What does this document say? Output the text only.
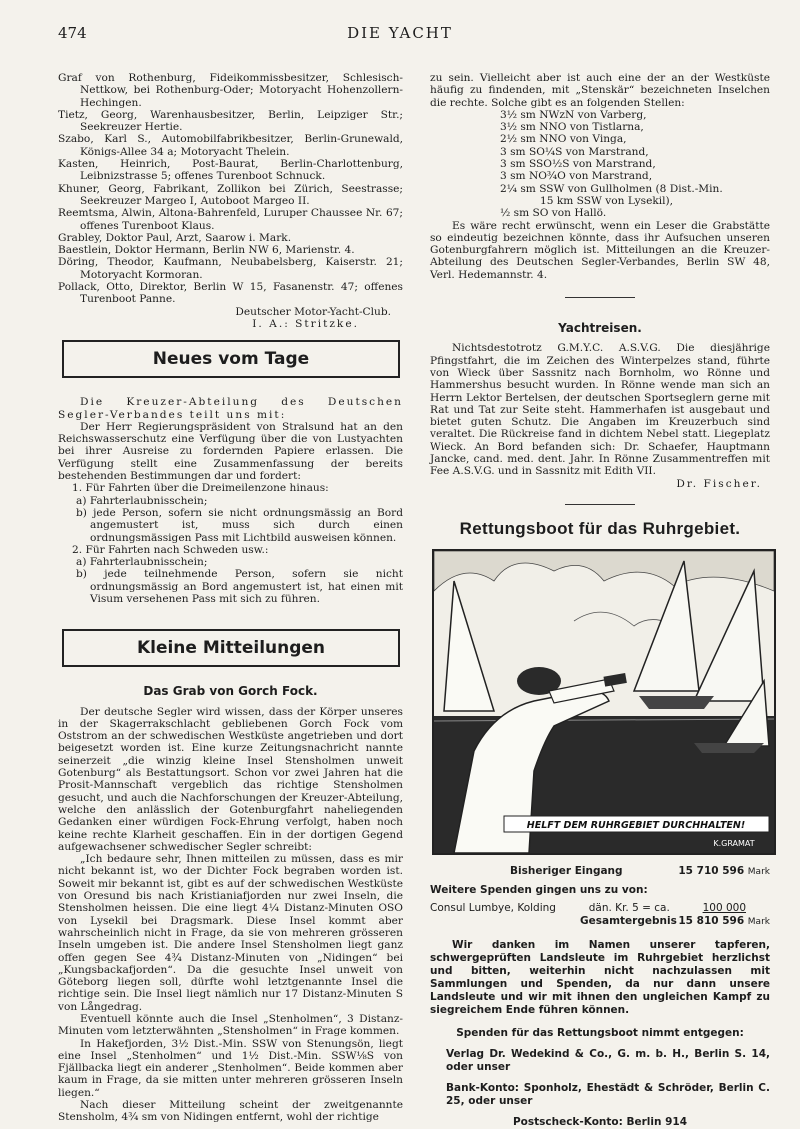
474	DIE YACHT

Graf von Rothenburg, Fideikommissbesitzer, Schlesisch-Nettkow, bei Rothenburg-Oder; Motoryacht Hohenzollern-Hechingen.

Tietz, Georg, Warenhausbesitzer, Berlin, Leipziger Str.; Seekreuzer Hertie.

Szabo, Karl S., Automobilfabrikbesitzer, Berlin-Grunewald, Königs-Allee 34 a; Motoryacht Thelein.

Kasten, Heinrich, Post-Baurat, Berlin-Charlottenburg, Leibnizstrasse 5; offenes Turenboot Schnuck.

Khuner, Georg, Fabrikant, Zollikon bei Zürich, Seestrasse; Seekreuzer Margeo I, Autoboot Margeo II.

Reemtsma, Alwin, Altona-Bahrenfeld, Luruper Chaussee Nr. 67; offenes Turenboot Klaus.

Grabley, Doktor Paul, Arzt, Saarow i. Mark.

Baestlein, Doktor Hermann, Berlin NW 6, Marienstr. 4.

Döring, Theodor, Kaufmann, Neubabelsberg, Kaiserstr. 21; Motoryacht Kormoran.

Pollack, Otto, Direktor, Berlin W 15, Fasanenstr. 47; offenes Turenboot Panne.

Deutscher Motor-Yacht-Club.

I. A.: Stritzke.

Neues vom Tage

Die Kreuzer-Abteilung des Deutschen Segler-Verbandes teilt uns mit:

Der Herr Regierungspräsident von Stralsund hat an den Reichswasserschutz eine Verfügung über die von Lustyachten bei ihrer Ausreise zu fordernden Papiere erlassen. Die Verfügung stellt eine Zusammenfassung der bereits bestehenden Bestimmungen dar und fordert:

1. Für Fahrten über die Dreimeilenzone hinaus:

a) Fahrterlaubnisschein;

b) jede Person, sofern sie nicht ordnungsmässig an Bord angemustert ist, muss sich durch einen ordnungsmässigen Pass mit Lichtbild ausweisen können.

2. Für Fahrten nach Schweden usw.:

a) Fahrterlaubnisschein;

b) jede teilnehmende Person, sofern sie nicht ordnungsmässig an Bord angemustert ist, hat einen mit Visum versehenen Pass mit sich zu führen.

Kleine Mitteilungen
Das Grab von Gorch Fock.

Der deutsche Segler wird wissen, dass der Körper unseres in der Skagerrakschlacht gebliebenen Gorch Fock vom Oststrom an der schwedischen Westküste angetrieben und dort beigesetzt worden ist. Eine kurze Zeitungsnachricht nannte seinerzeit „die winzig kleine Insel Stensholmen unweit Gotenburg“ als Bestattungsort. Schon vor zwei Jahren hat die Prosit-Mannschaft vergeblich das richtige Stensholmen gesucht, und auch die Nachforschungen der Kreuzer-Abteilung, welche den anlässlich der Gotenburgfahrt naheliegenden Gedanken einer würdigen Fock-Ehrung verfolgt, haben noch keine rechte Klarheit geschaffen. Ein in der dortigen Gegend aufgewachsener schwedischer Segler schreibt:

„Ich bedaure sehr, Ihnen mitteilen zu müssen, dass es mir nicht bekannt ist, wo der Dichter Fock begraben worden ist. Soweit mir bekannt ist, gibt es auf der schwedischen Westküste von Oresund bis nach Kristianiafjorden nur zwei Inseln, die Stensholmen heissen. Die eine liegt 4¼ Distanz-Minuten OSO von Lysekil bei Dragsmark. Diese Insel kommt aber wahrscheinlich nicht in Frage, da sie von mehreren grösseren Inseln umgeben ist. Die andere Insel Stensholmen liegt ganz offen gegen See 4¾ Distanz-Minuten von „Nidingen“ bei „Kungsbackafjorden“. Da die gesuchte Insel unweit von Göteborg liegen soll, dürfte wohl letztgenannte Insel die richtige sein. Die Insel liegt nämlich nur 17 Distanz-Minuten S von Långedrag.

Eventuell könnte auch die Insel „Stenholmen“, 3 Distanz-Minuten vom letzterwähnten „Stensholmen“ in Frage kommen.

In Hakefjorden, 3½ Dist.-Min. SSW von Stenungsön, liegt eine Insel „Stenholmen“ und 1½ Dist.-Min. SSW⅛S von Fjällbacka liegt ein anderer „Stenholmen“. Beide kommen aber kaum in Frage, da sie mitten unter mehreren grösseren Inseln liegen.“

Nach dieser Mitteilung scheint der zweitgenannte Stensholm, 4¾ sm von Nidingen entfernt, wohl der richtige

zu sein. Vielleicht aber ist auch eine der an der Westküste häufig zu findenden, mit „Stenskär“ bezeichneten Inselchen die rechte. Solche gibt es an folgenden Stellen:

3½ sm NWzN von Varberg,
3½ sm NNO von Tistlarna,
2½ sm NNO von Vinga,
3 sm SO¼S von Marstrand,
3 sm SSO½S von Marstrand,
3 sm NO¾O von Marstrand,
2¼ sm SSW von Gullholmen (8 Dist.-Min.
15 km SSW von Lysekil),
½ sm SO von Hallö.

Es wäre recht erwünscht, wenn ein Leser die Grabstätte so eindeutig bezeichnen könnte, dass ihr Aufsuchen unseren Gotenburgfahrern möglich ist. Mitteilungen an die Kreuzer-Abteilung des Deutschen Segler-Verbandes, Berlin SW 48, Verl. Hedemannstr. 4.

Yachtreisen.

Nichtsdestotrotz G.M.Y.C. A.S.V.G. Die diesjährige Pfingstfahrt, die im Zeichen des Winterpelzes stand, führte von Wieck über Sassnitz nach Bornholm, wo Rönne und Hammershus besucht wurden. In Rönne wende man sich an Herrn Lektor Bertelsen, der deutschen Sportseglern gerne mit Rat und Tat zur Seite steht. Hammerhafen ist ausgebaut und bietet guten Schutz. Die Angaben im Kreuzerbuch sind veraltet. Die Rückreise fand in dichtem Nebel statt. Liegeplatz Wieck. An Bord befanden sich: Dr. Schaefer, Hauptmann Jancke, cand. med. dent. Jahr. In Rönne Zusammentreffen mit Fee A.S.V.G. und in Sassnitz mit Edith VII.

Dr. Fischer.

Rettungsboot für das Ruhrgebiet.
HELFT DEM RUHRGEBIET DURCHHALTEN!
K.GRAMAT
Bisheriger Eingang	15 710 596 Mark
Weitere Spenden gingen uns zu von:
Consul Lumbye, Kolding	dän. Kr. 5 = ca.	100 000
Gesamtergebnis 15 810 596 Mark

Wir danken im Namen unserer tapferen, schwergeprüften Landsleute im Ruhrgebiet herzlichst und bitten, weiterhin nicht nachzulassen mit Sammlungen und Spenden, da nur dann unsere Landsleute und wir mit ihnen den ungleichen Kampf zu siegreichem Ende führen können.

Spenden für das Rettungsboot nimmt entgegen:

Verlag Dr. Wedekind & Co., G. m. b. H., Berlin S. 14, oder unser

Bank-Konto: Sponholz, Ehestädt & Schröder, Berlin C. 25, oder unser

Postscheck-Konto: Berlin 914
